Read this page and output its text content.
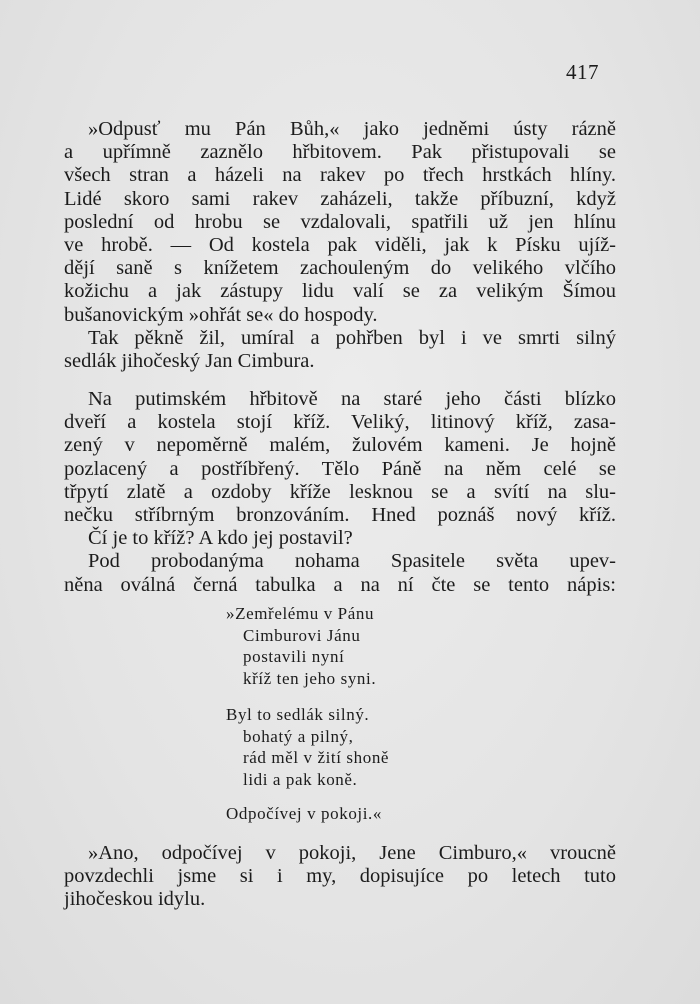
417
»Odpusť mu Pán Bůh,« jako jedněmi ústy rázně
a upřímně zaznělo hřbitovem. Pak přistupovali se
všech stran a házeli na rakev po třech hrstkách hlíny.
Lidé skoro sami rakev zaházeli, takže příbuzní, když
poslední od hrobu se vzdalovali, spatřili už jen hlínu
ve hrobě. — Od kostela pak viděli, jak k Písku ujíž-
dějí saně s knížetem zachouleným do velikého vlčího
kožichu a jak zástupy lidu valí se za velikým Šímou
bušanovickým »ohřát se« do hospody.
Tak pěkně žil, umíral a pohřben byl i ve smrti silný
sedlák jihočeský Jan Cimbura.
Na putimském hřbitově na staré jeho části blízko
dveří a kostela stojí kříž. Veliký, litinový kříž, zasa-
zený v nepoměrně malém, žulovém kameni. Je hojně
pozlacený a postříbřený. Tělo Páně na něm celé se
třpytí zlatě a ozdoby kříže lesknou se a svítí na slu-
nečku stříbrným bronzováním. Hned poznáš nový kříž.
Čí je to kříž? A kdo jej postavil?
Pod probodanýma nohama Spasitele světa upev-
něna oválná černá tabulka a na ní čte se tento nápis:
»Zemřelému v Pánu
Cimburovi Jánu
postavili nyní
kříž ten jeho syni.
Byl to sedlák silný.
bohatý a pilný,
rád měl v žití shoně
lidi a pak koně.
Odpočívej v pokoji.«
»Ano, odpočívej v pokoji, Jene Cimburo,« vroucně
povzdechli jsme si i my, dopisujíce po letech tuto
jihočeskou idylu.
